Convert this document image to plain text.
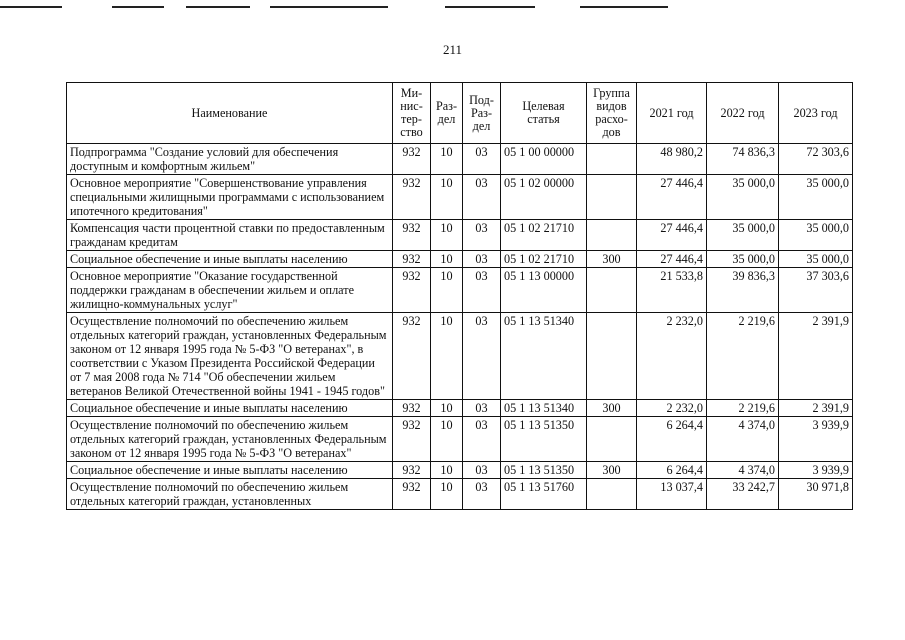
211
Наименование	Ми-
нис-
тер-
ство	Раз-
дел	Под-
Раз-
дел	Целевая
статья	Группа
видов
расхо-
дов	2021 год	2022 год	2023 год
Подпрограмма "Создание условий для обеспечения доступным и комфортным жильем"	932	10	03	05 1 00 00000		48 980,2	74 836,3	72 303,6
Основное мероприятие "Совершенствование управления специальными жилищными программами с использованием ипотечного кредитования"	932	10	03	05 1 02 00000		27 446,4	35 000,0	35 000,0
Компенсация части процентной ставки по предоставленным гражданам кредитам	932	10	03	05 1 02 21710		27 446,4	35 000,0	35 000,0
Социальное обеспечение и иные выплаты населению	932	10	03	05 1 02 21710	300	27 446,4	35 000,0	35 000,0
Основное мероприятие "Оказание государственной поддержки гражданам в обеспечении жильем и оплате жилищно-коммунальных услуг"	932	10	03	05 1 13 00000		21 533,8	39 836,3	37 303,6
Осуществление полномочий по обеспечению жильем отдельных категорий граждан, установленных Федеральным законом от 12 января 1995 года № 5-ФЗ "О ветеранах", в соответствии с Указом Президента Российской Федерации от 7 мая 2008 года № 714 "Об обеспечении жильем ветеранов Великой Отечественной войны 1941 - 1945 годов"	932	10	03	05 1 13 51340		2 232,0	2 219,6	2 391,9
Социальное обеспечение и иные выплаты населению	932	10	03	05 1 13 51340	300	2 232,0	2 219,6	2 391,9
Осуществление полномочий по обеспечению жильем отдельных категорий граждан, установленных Федеральным законом от 12 января 1995 года № 5-ФЗ "О ветеранах"	932	10	03	05 1 13 51350		6 264,4	4 374,0	3 939,9
Социальное обеспечение и иные выплаты населению	932	10	03	05 1 13 51350	300	6 264,4	4 374,0	3 939,9
Осуществление полномочий по обеспечению жильем отдельных категорий граждан, установленных	932	10	03	05 1 13 51760		13 037,4	33 242,7	30 971,8
